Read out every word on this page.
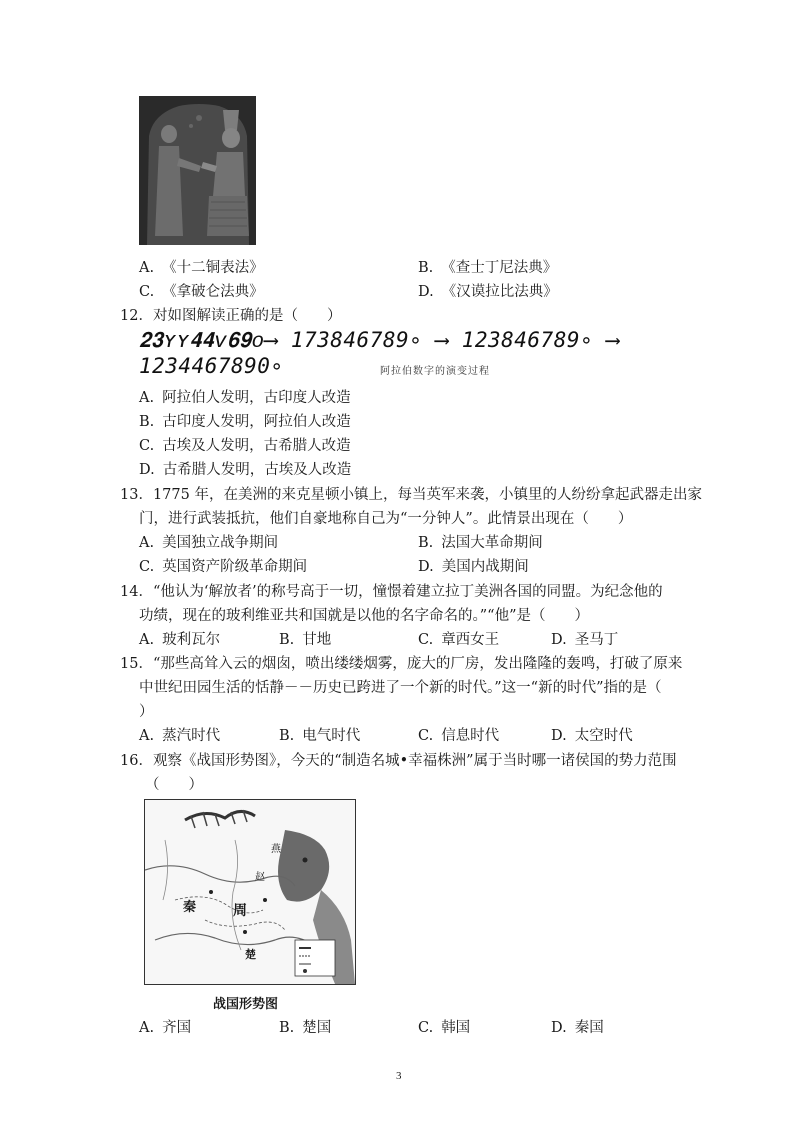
A. 《十二铜表法》	B. 《查士丁尼法典》
C. 《拿破仑法典》	D. 《汉谟拉比法典》
12．对如图解读正确的是（　　）
𝟐𝟑ʏʏ𝟒𝟒ᴠ𝟔𝟗ᴏ⟶ 173846789∘ ⟶ 123846789∘ ⟶ 1234467890∘	阿拉伯数字的演变过程
A. 阿拉伯人发明，古印度人改造
B. 古印度人发明，阿拉伯人改造
C. 古埃及人发明，古希腊人改造
D. 古希腊人发明，古埃及人改造
13．1775 年，在美洲的来克星顿小镇上，每当英军来袭，小镇里的人纷纷拿起武器走出家
门，进行武装抵抗，他们自豪地称自己为“一分钟人”。此情景出现在（　　）
A. 美国独立战争期间	B. 法国大革命期间
C. 英国资产阶级革命期间	D. 美国内战期间
14．“他认为‘解放者’的称号高于一切，憧憬着建立拉丁美洲各国的同盟。为纪念他的
功绩，现在的玻利维亚共和国就是以他的名字命名的。”“他”是（　　）
A. 玻利瓦尔	B. 甘地	C. 章西女王	D. 圣马丁
15．“那些高耸入云的烟囱，喷出缕缕烟雾，庞大的厂房，发出隆隆的轰鸣，打破了原来
中世纪田园生活的恬静－－历史已跨进了一个新的时代。”这一“新的时代”指的是（
）
A. 蒸汽时代	B. 电气时代	C. 信息时代	D. 太空时代
16．观察《战国形势图》，今天的“制造名城•幸福株洲”属于当时哪一诸侯国的势力范围
（　　）
秦	周
楚
赵
燕
战国形势图
A. 齐国	B. 楚国	C. 韩国	D. 秦国
3
